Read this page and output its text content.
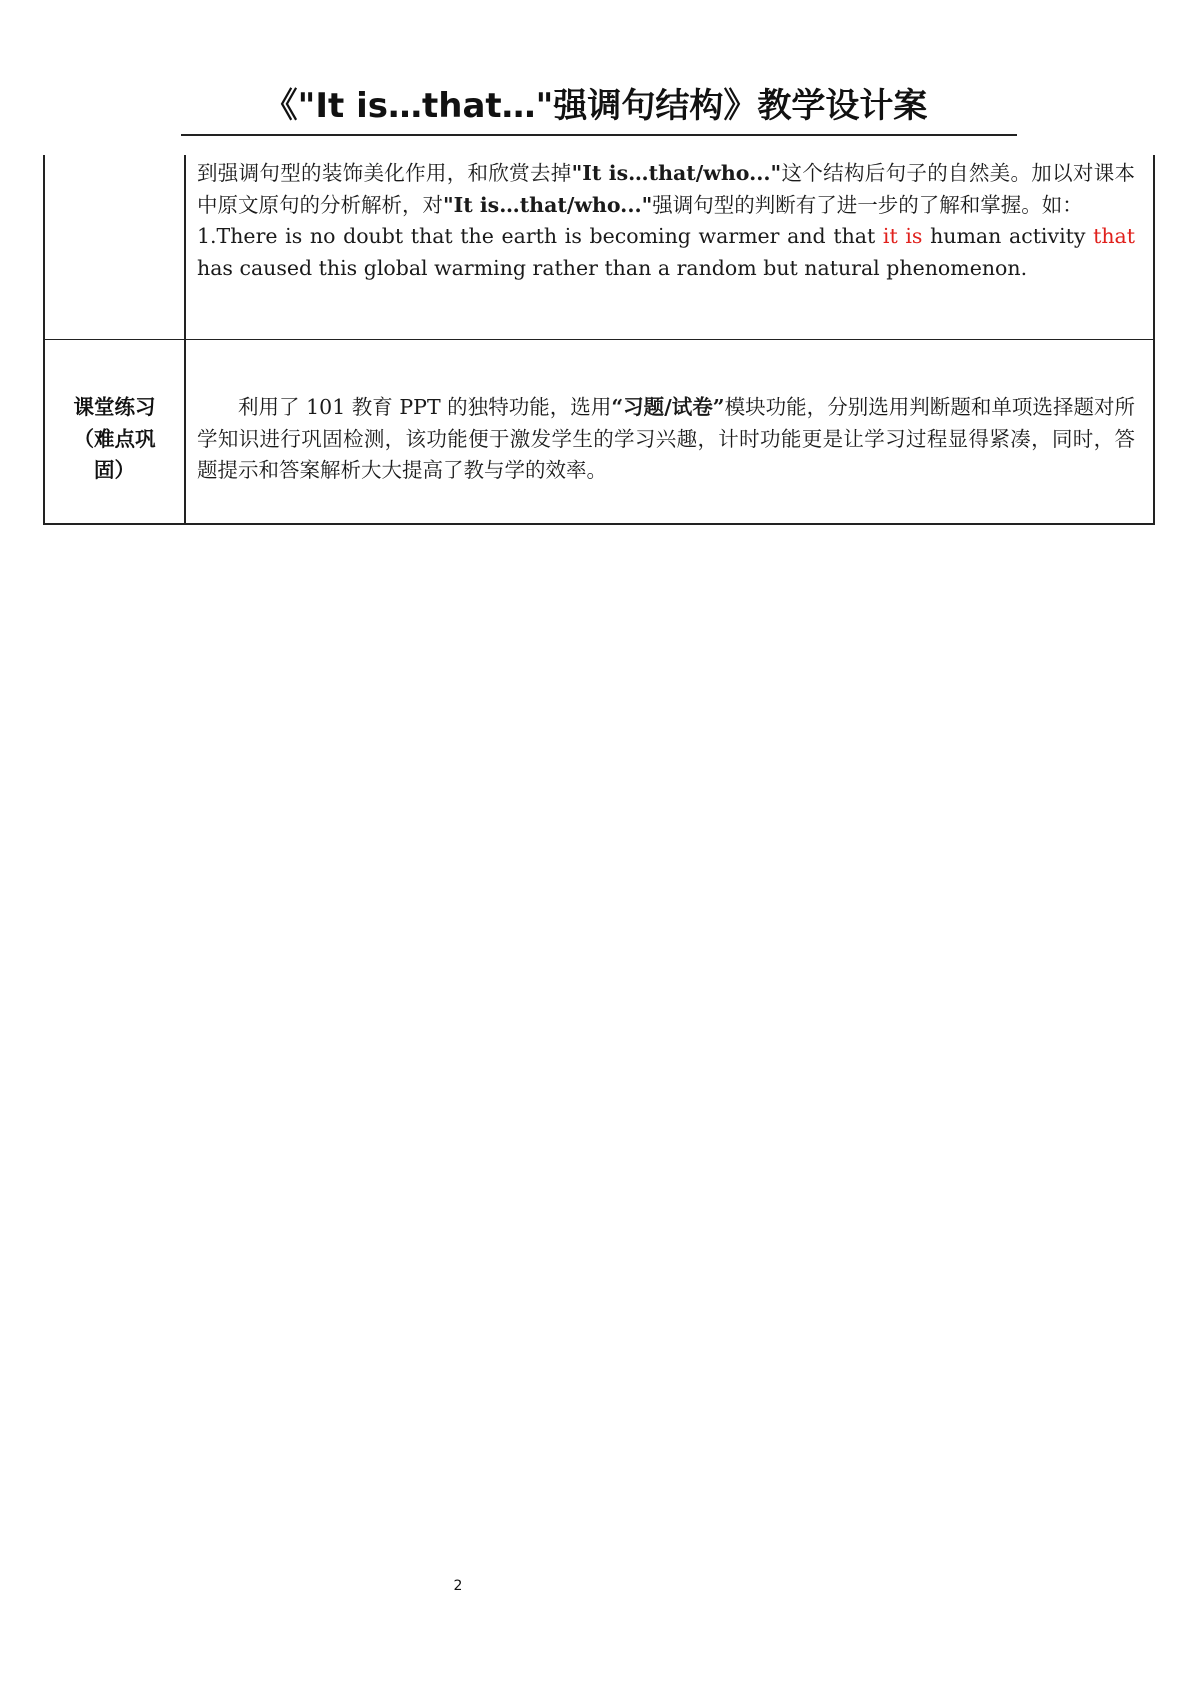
《"It is…that…"强调句结构》教学设计案

	到强调句型的装饰美化作用，和欣赏去掉"It is…that/who..."这个结构后句子的自然美。加以对课本中原文原句的分析解析，对"It is…that/who..."强调句型的判断有了进一步的了解和掌握。如：
1.There is no doubt that the earth is becoming warmer and that it is human activity that has caused this global warming rather than a random but natural phenomenon.

课堂练习
（难点巩
固）	利用了 101 教育 PPT 的独特功能，选用“习题/试卷”模块功能，分别选用判断题和单项选择题对所学知识进行巩固检测，该功能便于激发学生的学习兴趣，计时功能更是让学习过程显得紧凑，同时，答题提示和答案解析大大提高了教与学的效率。
2
